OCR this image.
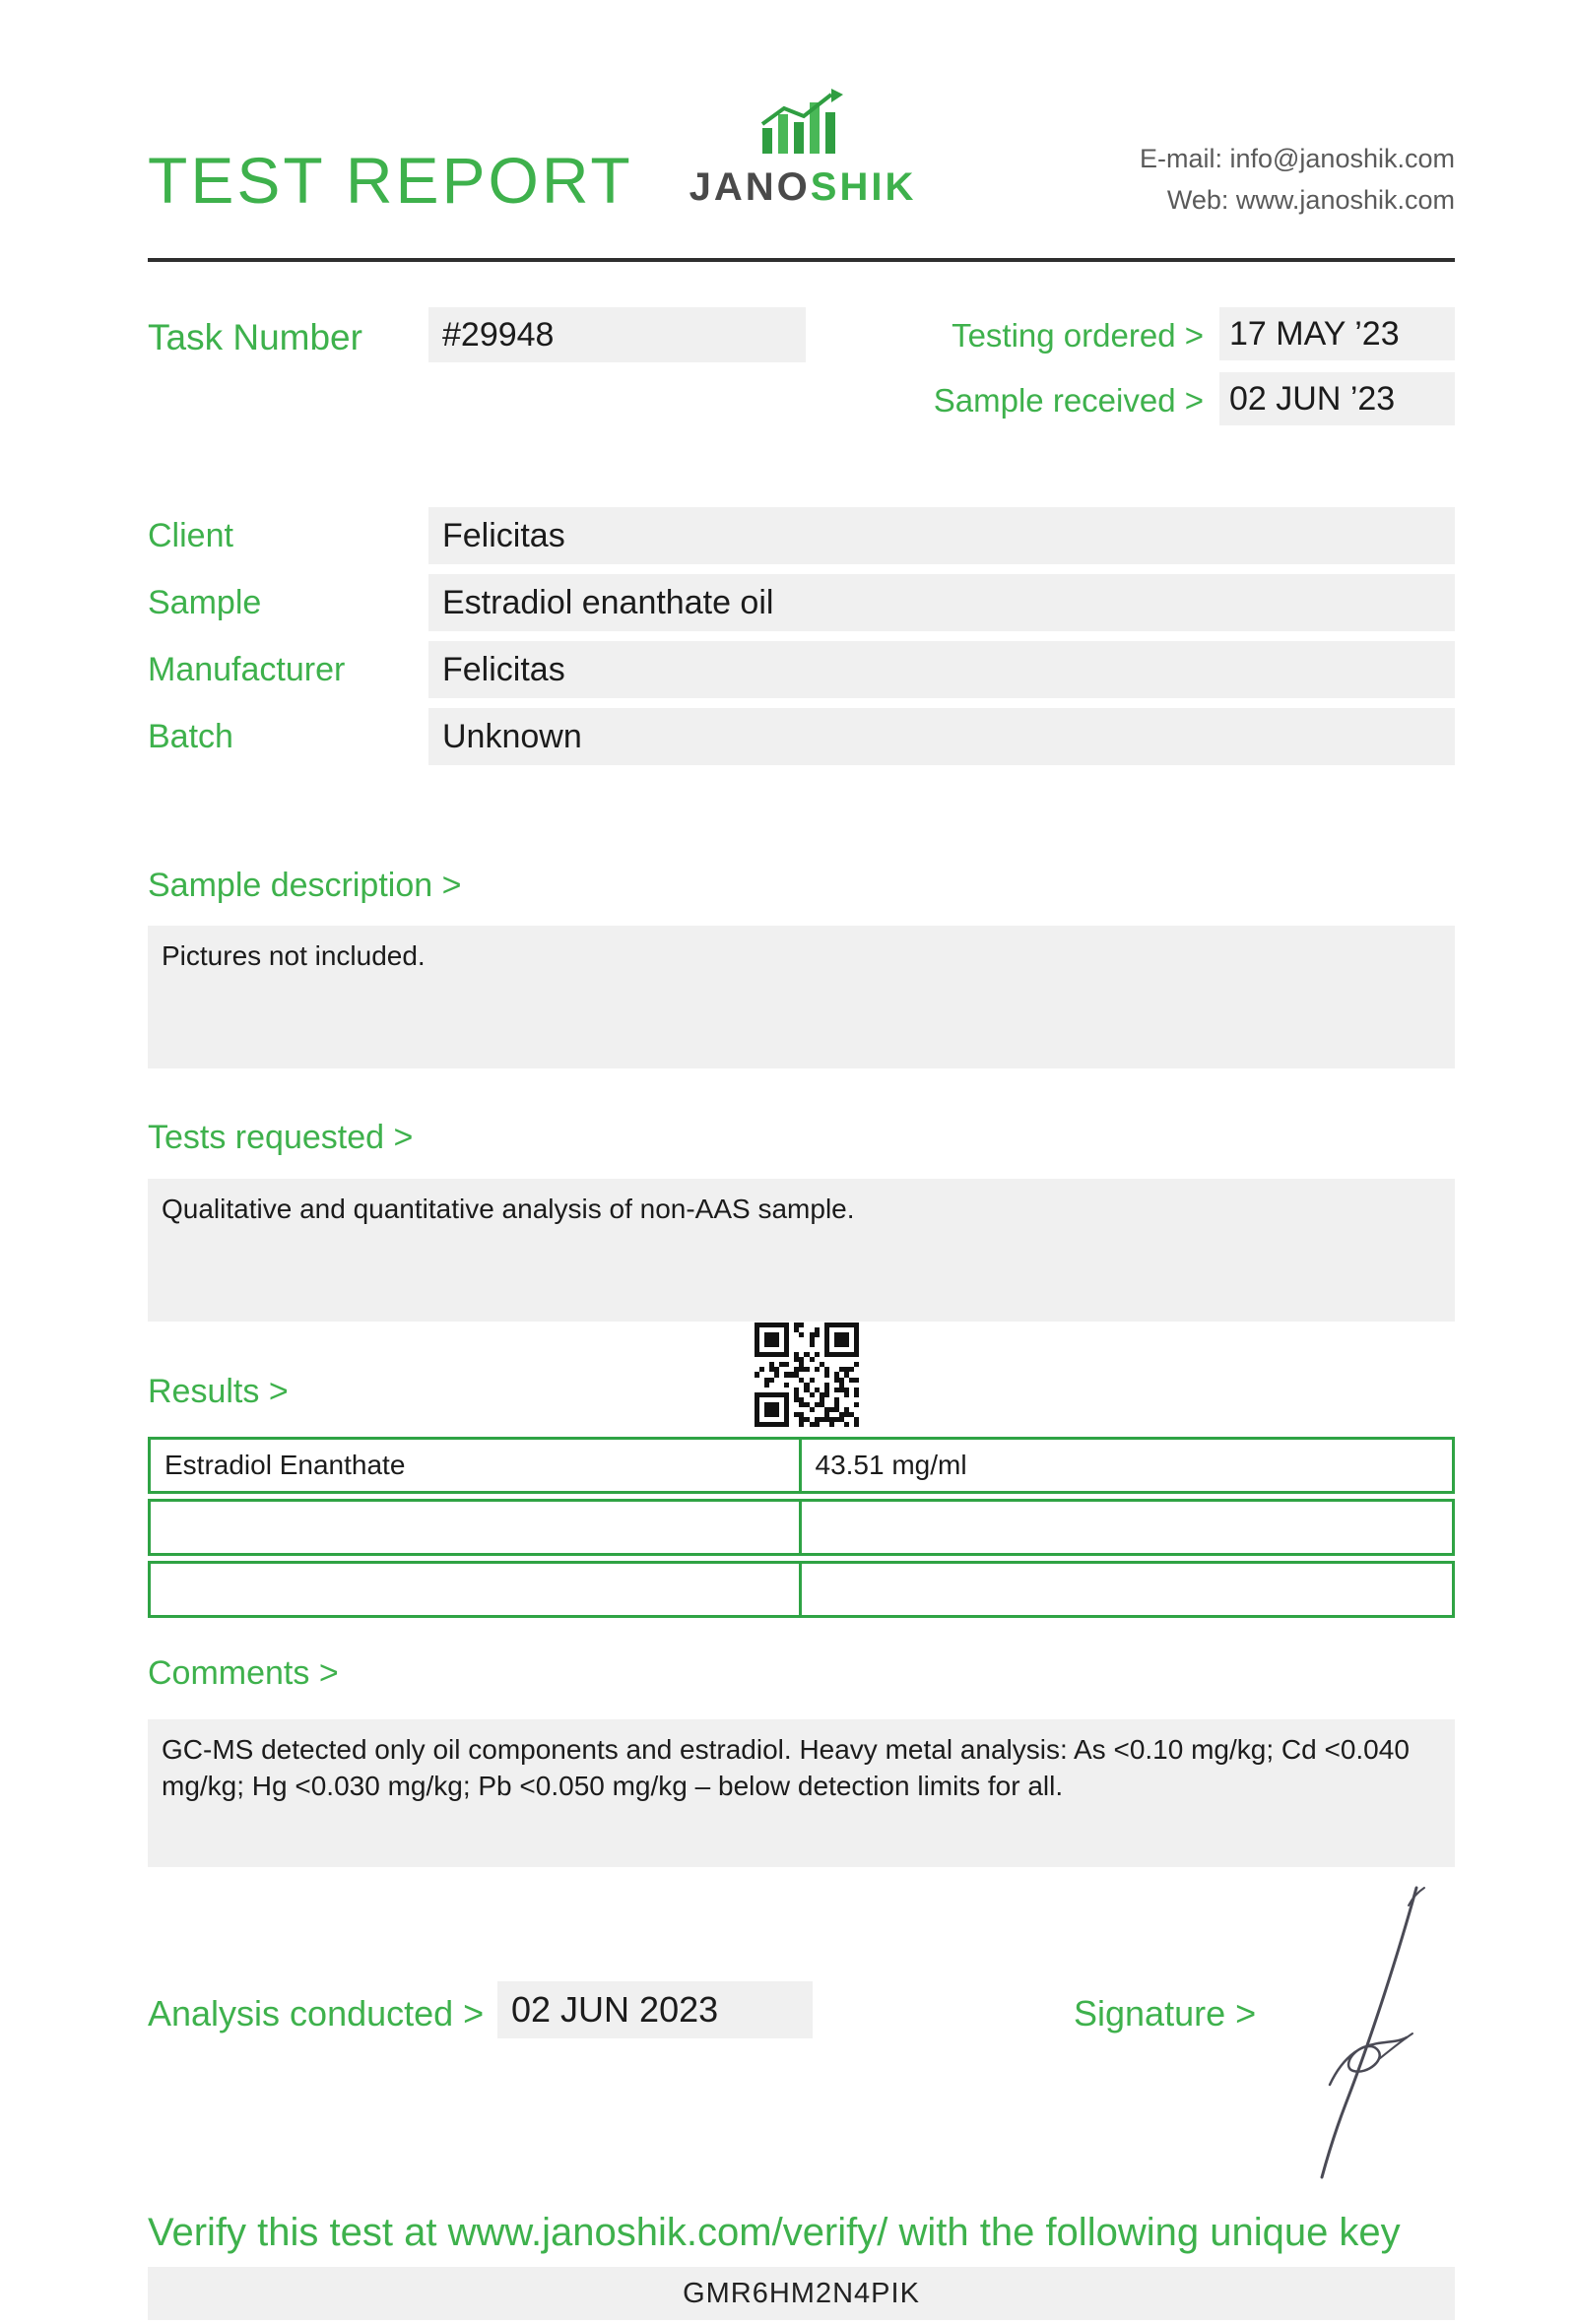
TEST REPORT JANOSHIK
E-mail: info@janoshik.com
Web: www.janoshik.com
Task Number	#29948	Testing ordered > 17 MAY ’23
Sample received > 02 JUN ’23
Client	Felicitas
Sample	Estradiol enanthate oil
Manufacturer	Felicitas
Batch	Unknown
Sample description >
Pictures not included.
Tests requested >
Qualitative and quantitative analysis of non-AAS sample.
Results >
Estradiol Enanthate	43.51 mg/ml
Comments >
GC-MS detected only oil components and estradiol. Heavy metal analysis: As <0.10 mg/kg; Cd <0.040 mg/kg; Hg <0.030 mg/kg; Pb <0.050 mg/kg – below detection limits for all.
Analysis conducted > 02 JUN 2023	Signature >
Verify this test at www.janoshik.com/verify/ with the following unique key
GMR6HM2N4PIK
